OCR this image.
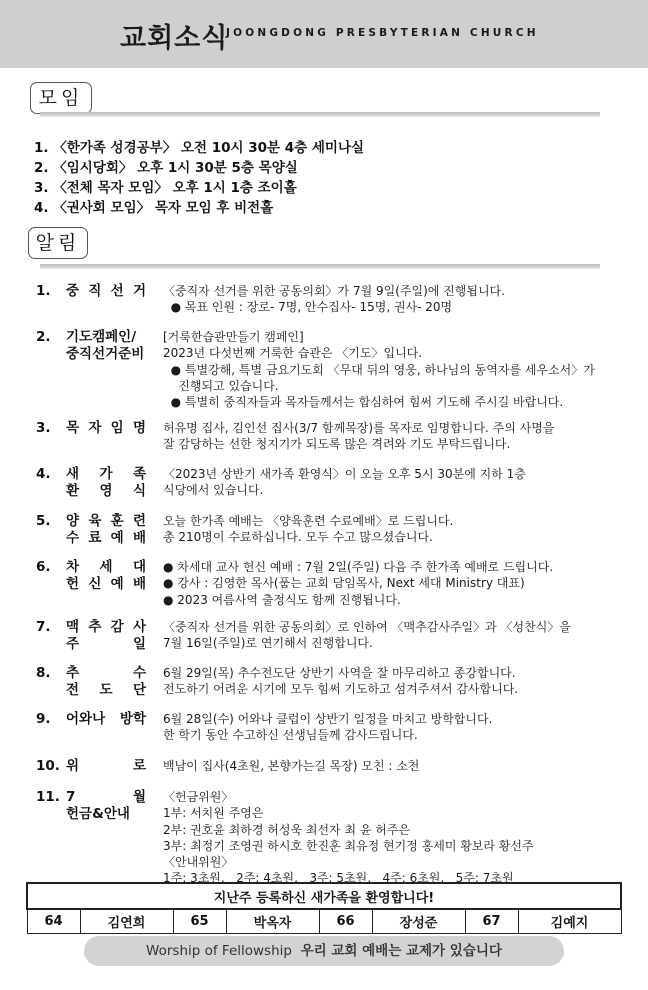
교회소식
JOONGDONG PRESBYTERIAN CHURCH
모임
1. 〈한가족 성경공부〉 오전 10시 30분 4층 세미나실
2. 〈임시당회〉 오후 1시 30분 5층 목양실
3. 〈전체 목자 모임〉 오후 1시 1층 조이홀
4. 〈권사회 모임〉 목자 모임 후 비전홀
알림
1. 중 직 선 거 〈중직자 선거를 위한 공동의회〉가 7월 9일(주일)에 진행됩니다.
● 목표 인원 : 장로- 7명, 안수집사- 15명, 권사- 20명
2. 기도캠페인/
중직선거준비
[거룩한습관만들기 캠페인]
2023년 다섯번째 거룩한 습관은 〈기도〉입니다.
● 특별강해, 특별 금요기도회 〈무대 뒤의 영웅, 하나님의 동역자를 세우소서〉가
진행되고 있습니다.
● 특별히 중직자들과 목자들께서는 합심하여 힘써 기도해 주시길 바랍니다.
3. 목 자 임 명 허유명 집사, 김인선 집사(3/7 함께목장)를 목자로 임명합니다. 주의 사명을
잘 감당하는 선한 청지기가 되도록 많은 격려와 기도 부탁드립니다.
4. 새 가 족
환 영 식
〈2023년 상반기 새가족 환영식〉이 오늘 오후 5시 30분에 지하 1층
식당에서 있습니다.
5. 양 육 훈 련
수 료 예 배
오늘 한가족 예배는 〈양육훈련 수료예배〉로 드립니다.
총 210명이 수료하십니다. 모두 수고 많으셨습니다.
6. 차 세 대
헌 신 예 배
● 차세대 교사 헌신 예배 : 7월 2일(주일) 다음 주 한가족 예배로 드립니다.
● 강사 : 김영한 목사(품는 교회 담임목사, Next 세대 Ministry 대표)
● 2023 여름사역 출정식도 함께 진행됩니다.
7. 맥 추 감 사
주 일
〈중직자 선거를 위한 공동의회〉로 인하여 〈맥추감사주일〉과 〈성찬식〉을
7월 16일(주일)로 연기해서 진행합니다.
8. 추 수
전 도 단
6월 29일(목) 추수전도단 상반기 사역을 잘 마무리하고 종강합니다.
전도하기 어려운 시기에 모두 힘써 기도하고 섬겨주셔서 감사합니다.
9. 어와나 방학 6월 28일(수) 어와나 클럽이 상반기 일정을 마치고 방학합니다.
한 학기 동안 수고하신 선생님들께 감사드립니다.
10. 위 로 백남이 집사(4초원, 본향가는길 목장) 모친 : 소천
11. 7 월
헌금&안내
〈헌금위원〉
1부: 서치원 주영은
2부: 권호윤 최하경 허성욱 최선자 최 윤 허주은
3부: 최정기 조영권 하시호 한진훈 최유정 현기정 홍세미 황보라 황선주
〈안내위원〉
1주: 3초원,   2주: 4초원,   3주: 5초원,   4주: 6초원,   5주: 7초원
지난주 등록하신 새가족을 환영합니다!
64	김연희	65	박옥자	66	장성준	67	김예지
Worship of Fellowship 우리 교회 예배는 교제가 있습니다
